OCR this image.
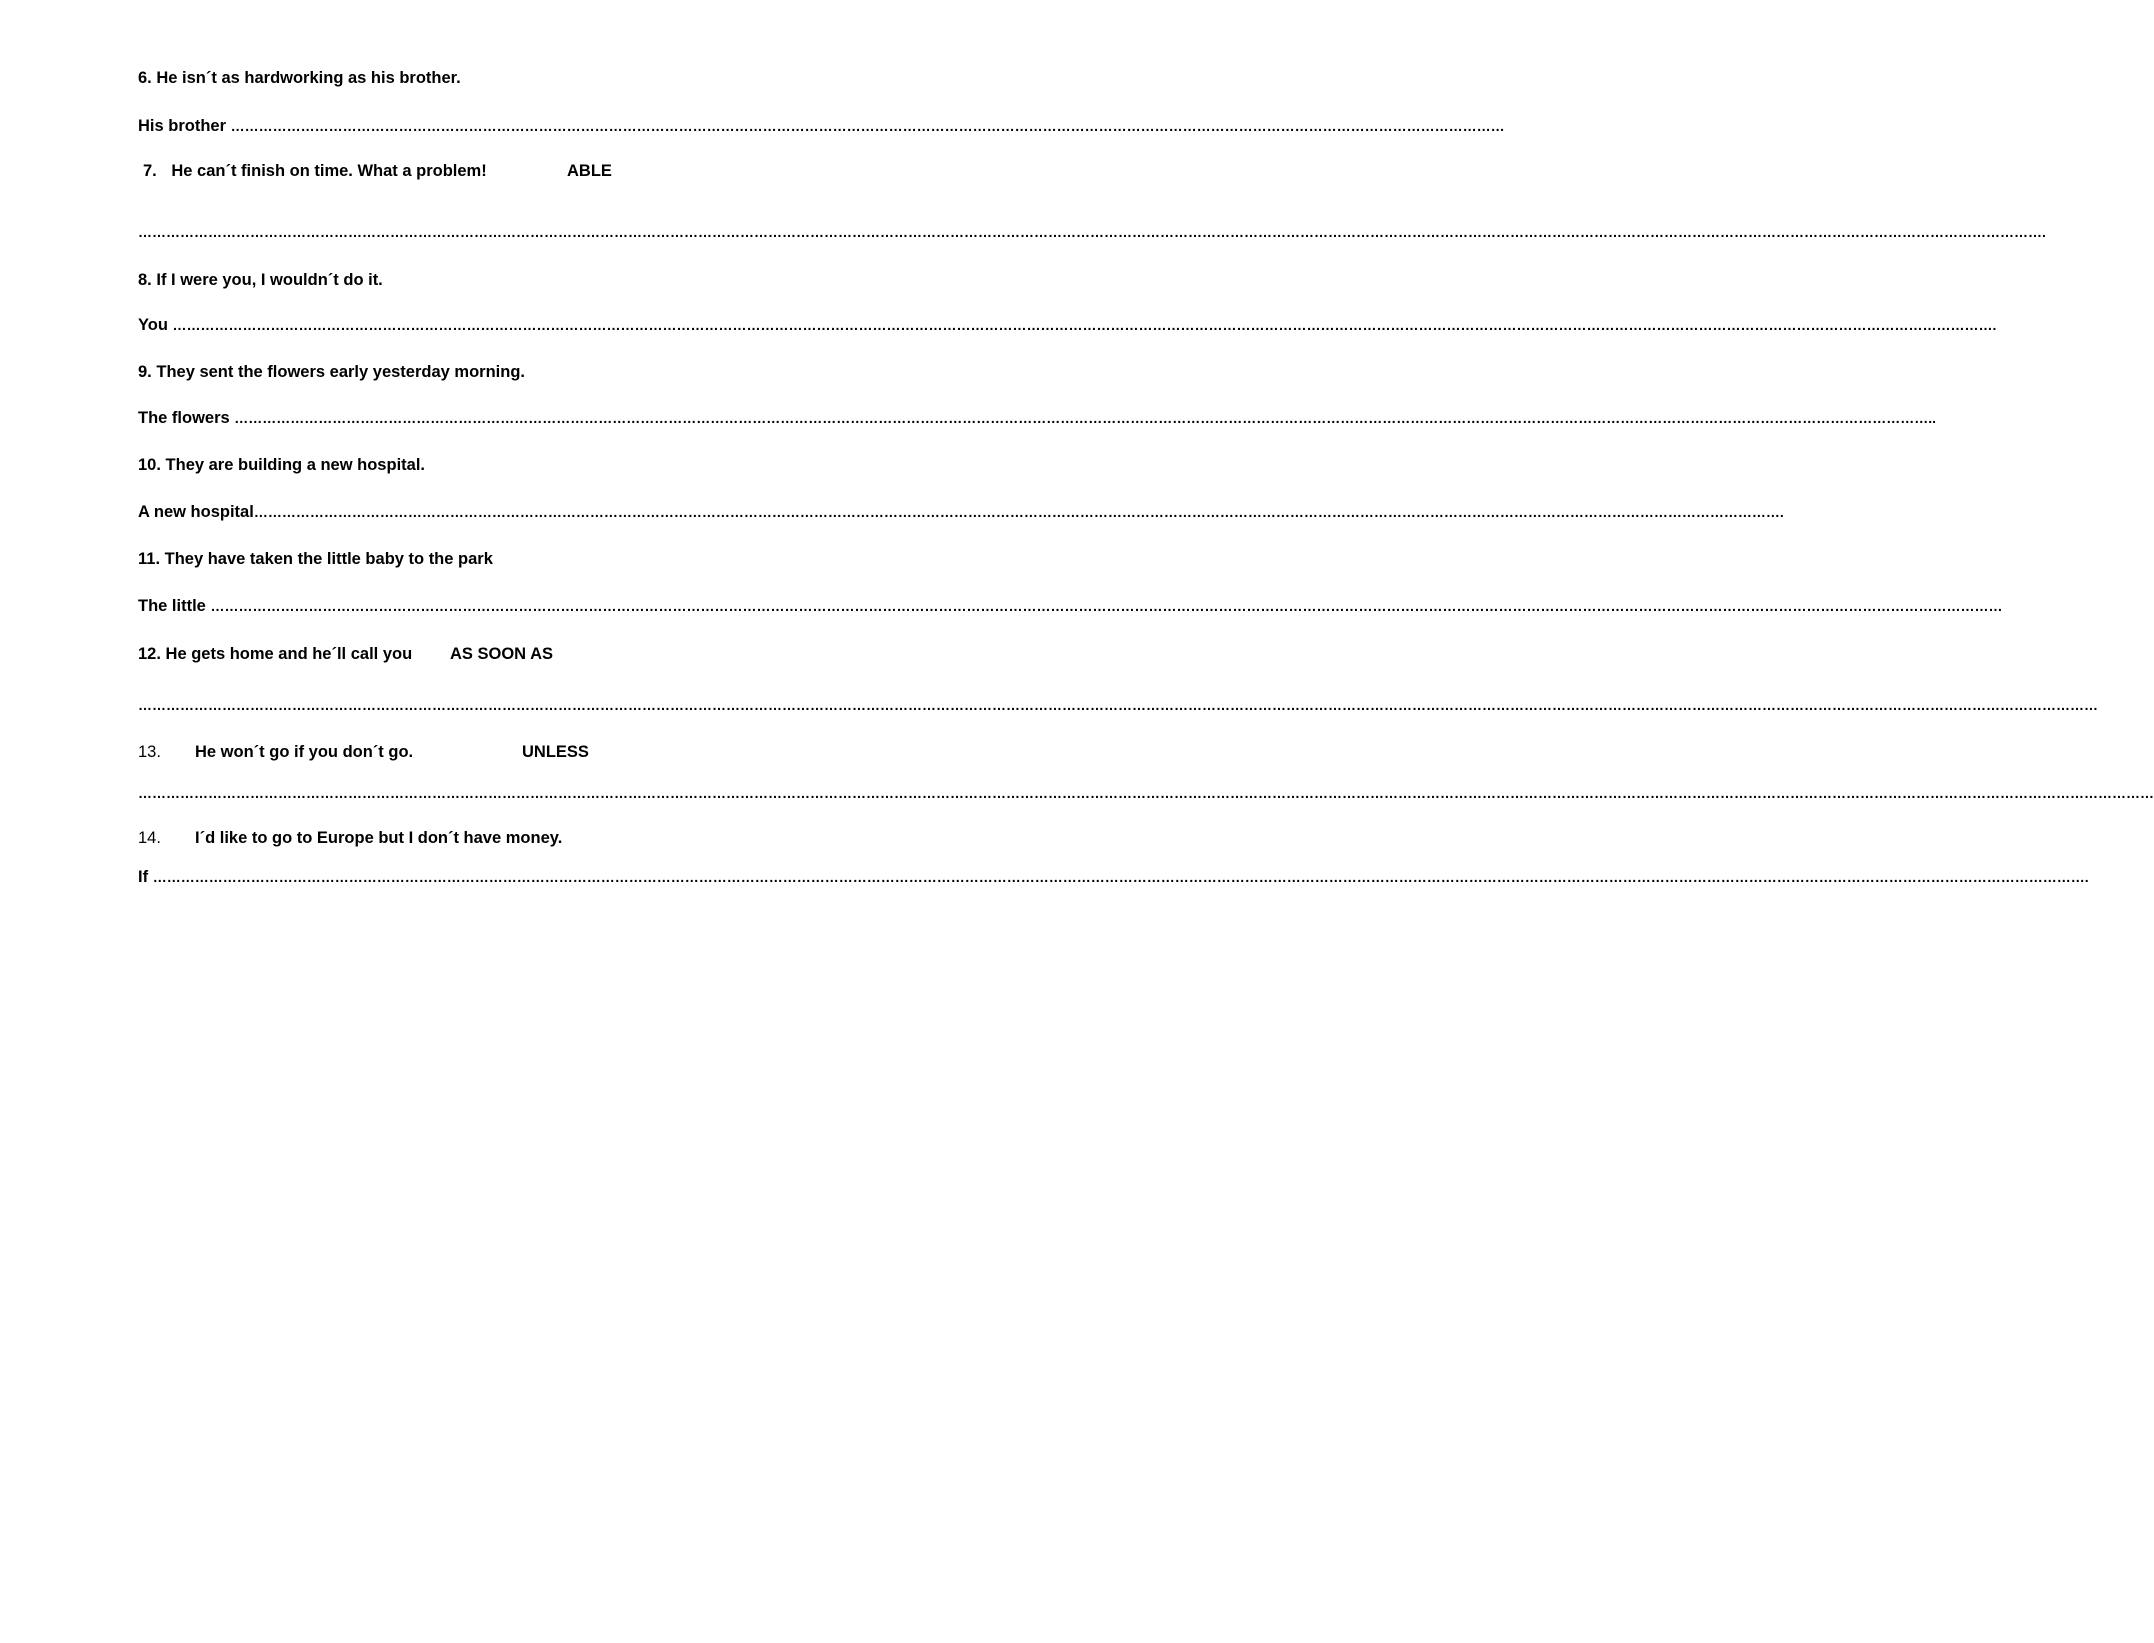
6. He isn´t as hardworking as his brother.
His brother …………………………………………………………………………………………………………………………………………………………………………………………………………………………………………………
7. He can´t finish on time. What a problem!	ABLE
………………………………………………………………………………………………………………………………………………………………………………………………………………………………………………………………………………………………………………………………………………………………………….
8. If I were you, I wouldn´t do it.
You ………………………………………………………………………………………………………………………………………………………………………………………………………………………………………………………………………………………………………………………………………………………….
9. They sent the flowers early yesterday morning.
The flowers …………………………………………………………………………………………………………………………………………………………………………………………………………………………………………………………………………………………………………………………………..
10. They are building a new hospital.
A new hospital………………………………………………………………………………………………………………………………………………………………………………………………………………………………………………………………………………………………….
11. They have taken the little baby to the park
The little ……………………………………………………………………………………………………………………………………………………………………………………………………………………………………………………………………………………………………………………………………………………
12. He gets home and he´ll call you AS SOON AS
……………………………………………………………………………………………………………………………………………………………………………………………………………………………………………………………………………………………………………………………………………………………………………………
13. He won´t go if you don´t go.	UNLESS
………………………………………………………………………………………………………………………………………………………………………………………………………………………………………………………………………………………………………………………………………………………………………………………………
14. I´d like to go to Europe but I don´t have money.
If ……………………………………………………………………………………………………………………………………………………………………………………………………………………………………………………………………………………………………………………………………………………………………………….
